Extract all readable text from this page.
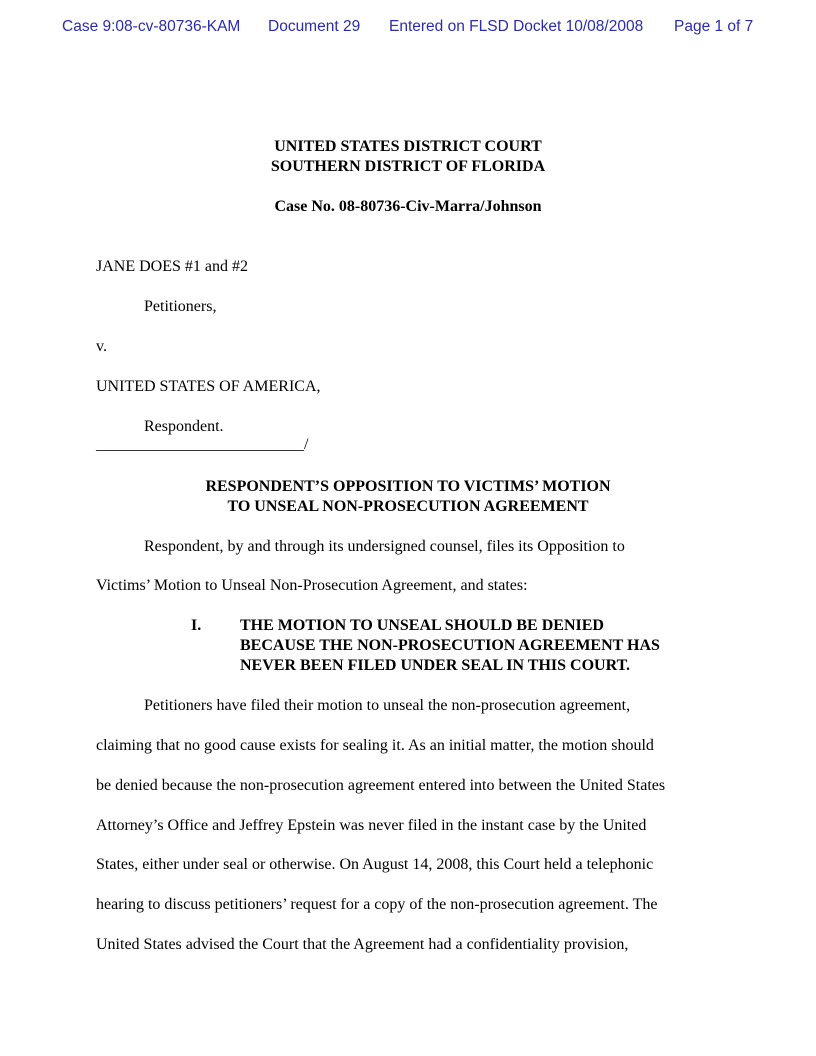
Case 9:08-cv-80736-KAM Document 29 Entered on FLSD Docket 10/08/2008 Page 1 of 7
UNITED STATES DISTRICT COURT
SOUTHERN DISTRICT OF FLORIDA
Case No. 08-80736-Civ-Marra/Johnson
JANE DOES #1 and #2
Petitioners,
v.
UNITED STATES OF AMERICA,
Respondent.
__________________________/
RESPONDENT’S OPPOSITION TO VICTIMS’ MOTION
TO UNSEAL NON-PROSECUTION AGREEMENT
Respondent, by and through its undersigned counsel, files its Opposition to
Victims’ Motion to Unseal Non-Prosecution Agreement, and states:
I. THE MOTION TO UNSEAL SHOULD BE DENIED
BECAUSE THE NON-PROSECUTION AGREEMENT HAS
NEVER BEEN FILED UNDER SEAL IN THIS COURT.
Petitioners have filed their motion to unseal the non-prosecution agreement,
claiming that no good cause exists for sealing it. As an initial matter, the motion should
be denied because the non-prosecution agreement entered into between the United States
Attorney’s Office and Jeffrey Epstein was never filed in the instant case by the United
States, either under seal or otherwise. On August 14, 2008, this Court held a telephonic
hearing to discuss petitioners’ request for a copy of the non-prosecution agreement. The
United States advised the Court that the Agreement had a confidentiality provision,
